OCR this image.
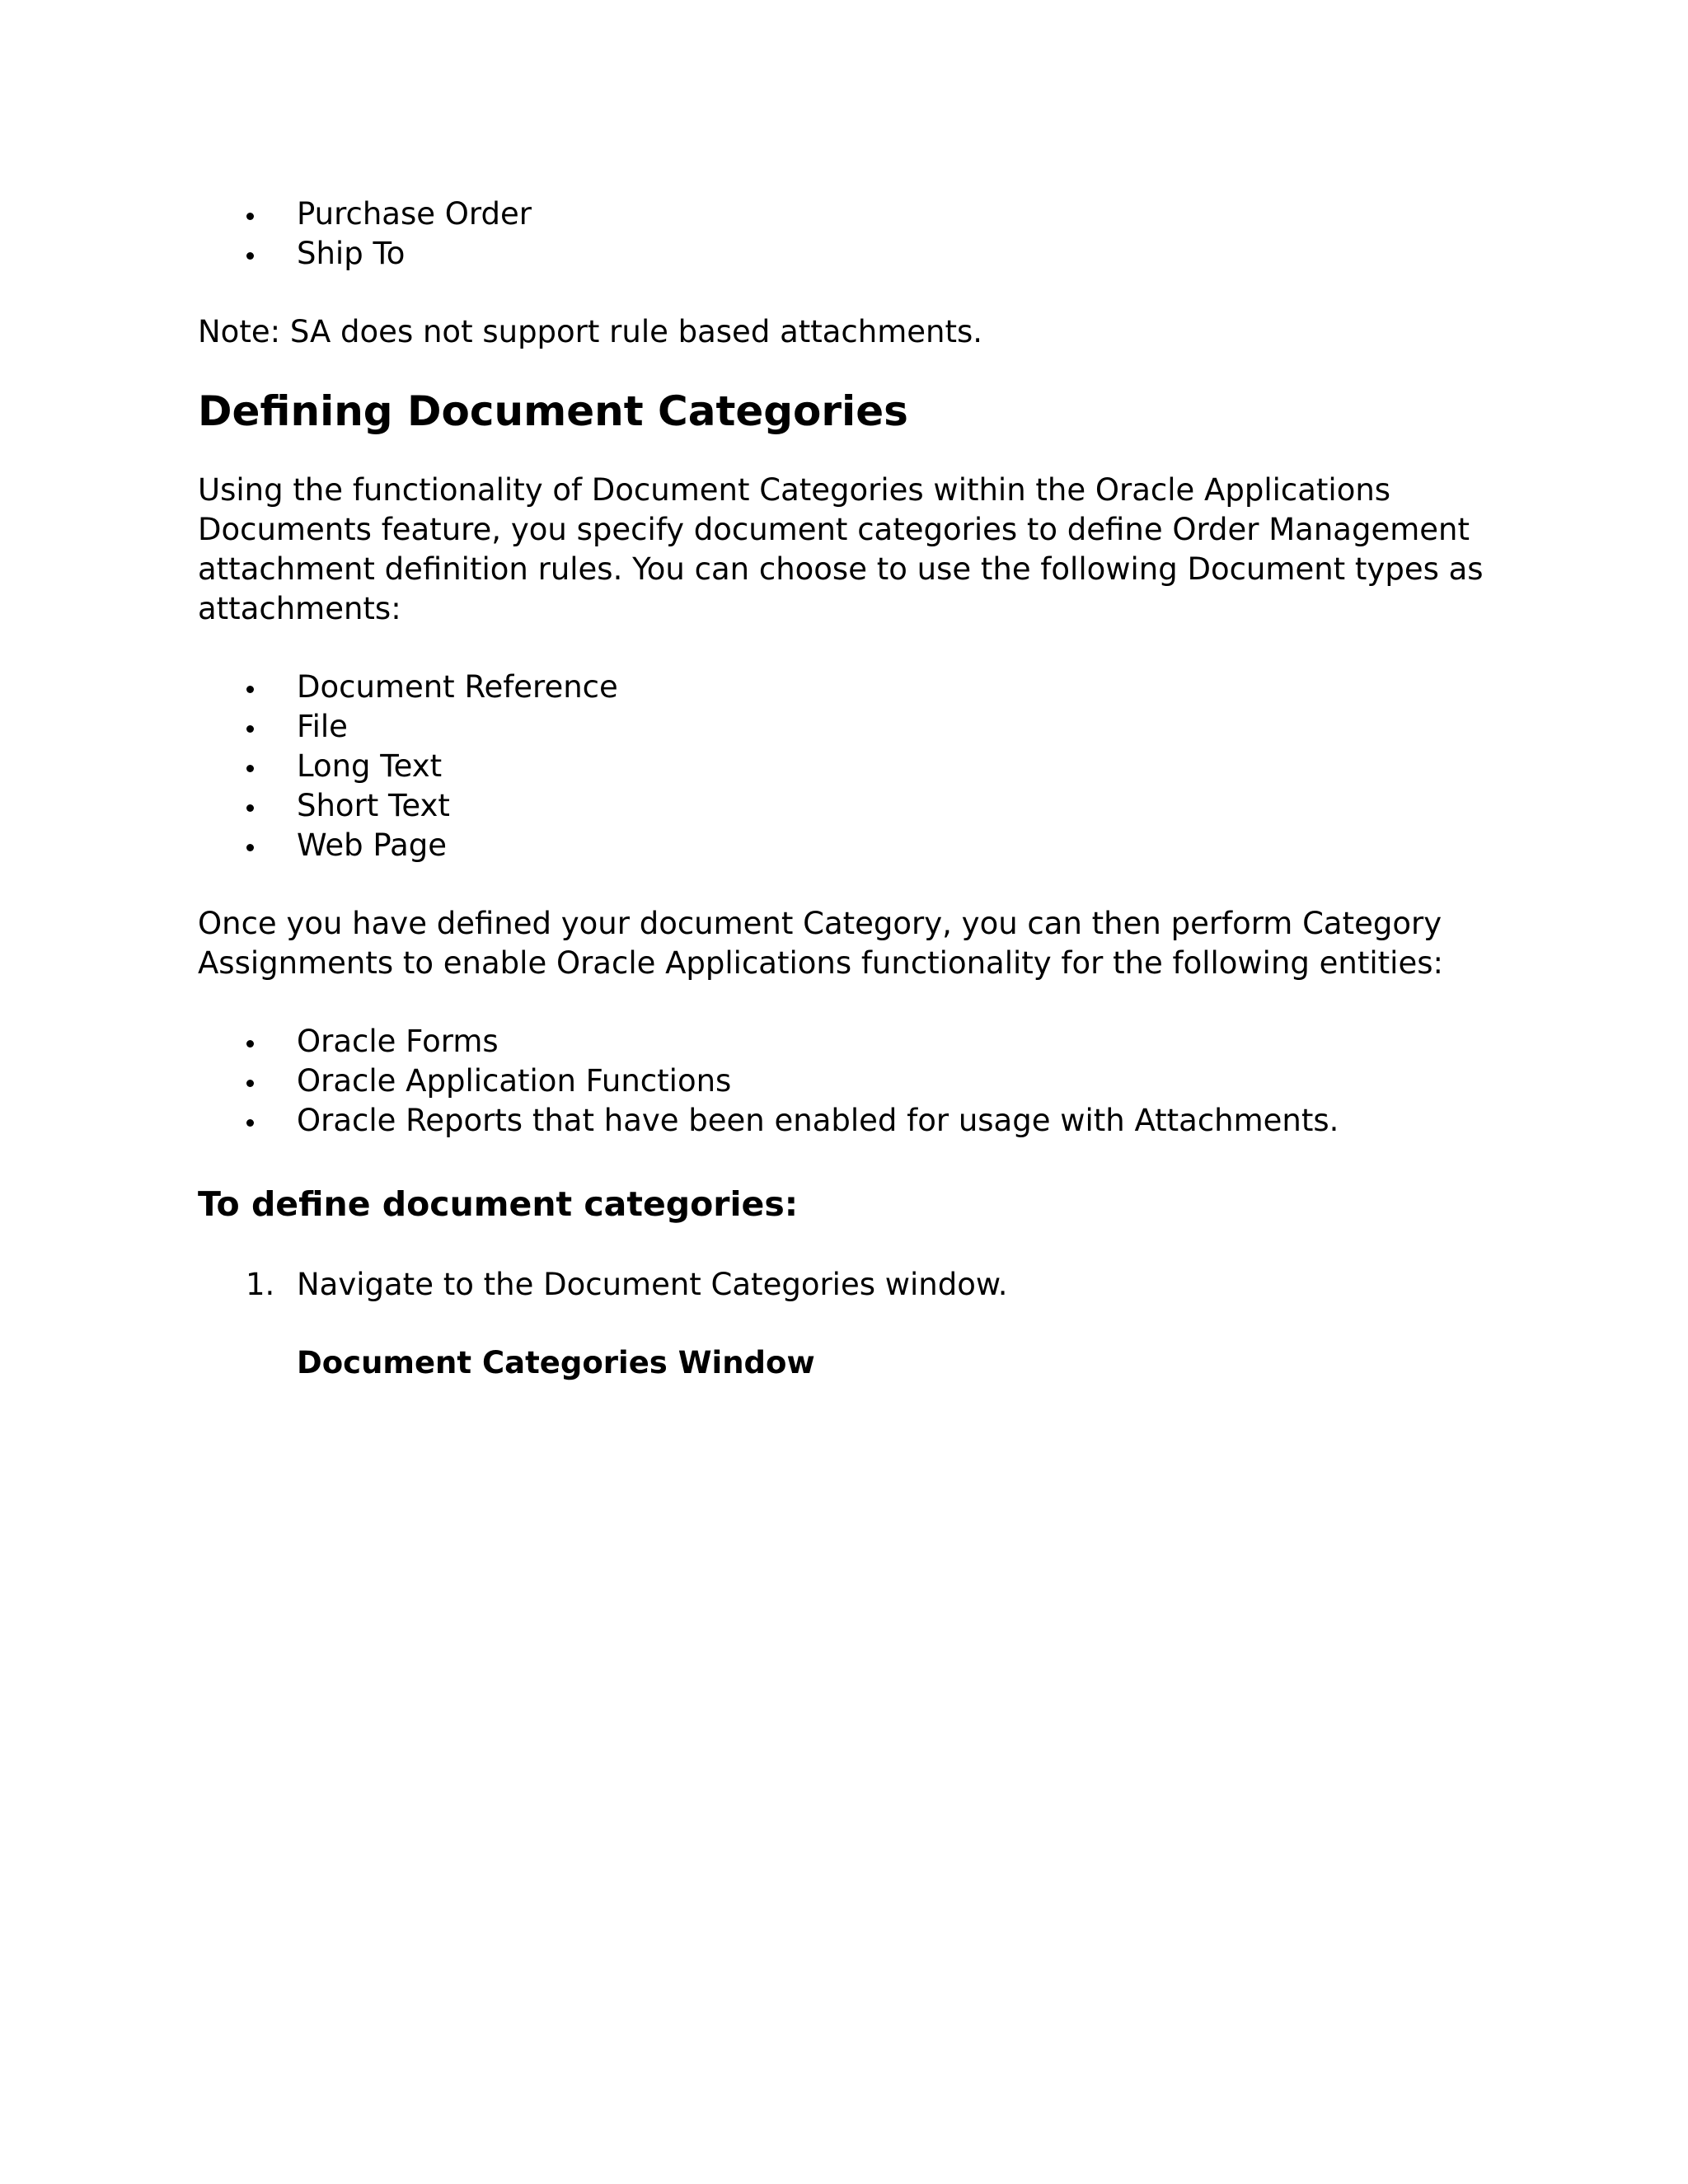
Purchase Order
Ship To

Note: SA does not support rule based attachments.

Defining Document Categories

Using the functionality of Document Categories within the Oracle Applications Documents feature, you specify document categories to define Order Management attachment definition rules. You can choose to use the following Document types as attachments:

Document Reference
File
Long Text
Short Text
Web Page

Once you have defined your document Category, you can then perform Category Assignments to enable Oracle Applications functionality for the following entities:

Oracle Forms
Oracle Application Functions
Oracle Reports that have been enabled for usage with Attachments.
To define document categories:
1. Navigate to the Document Categories window.
Document Categories Window
